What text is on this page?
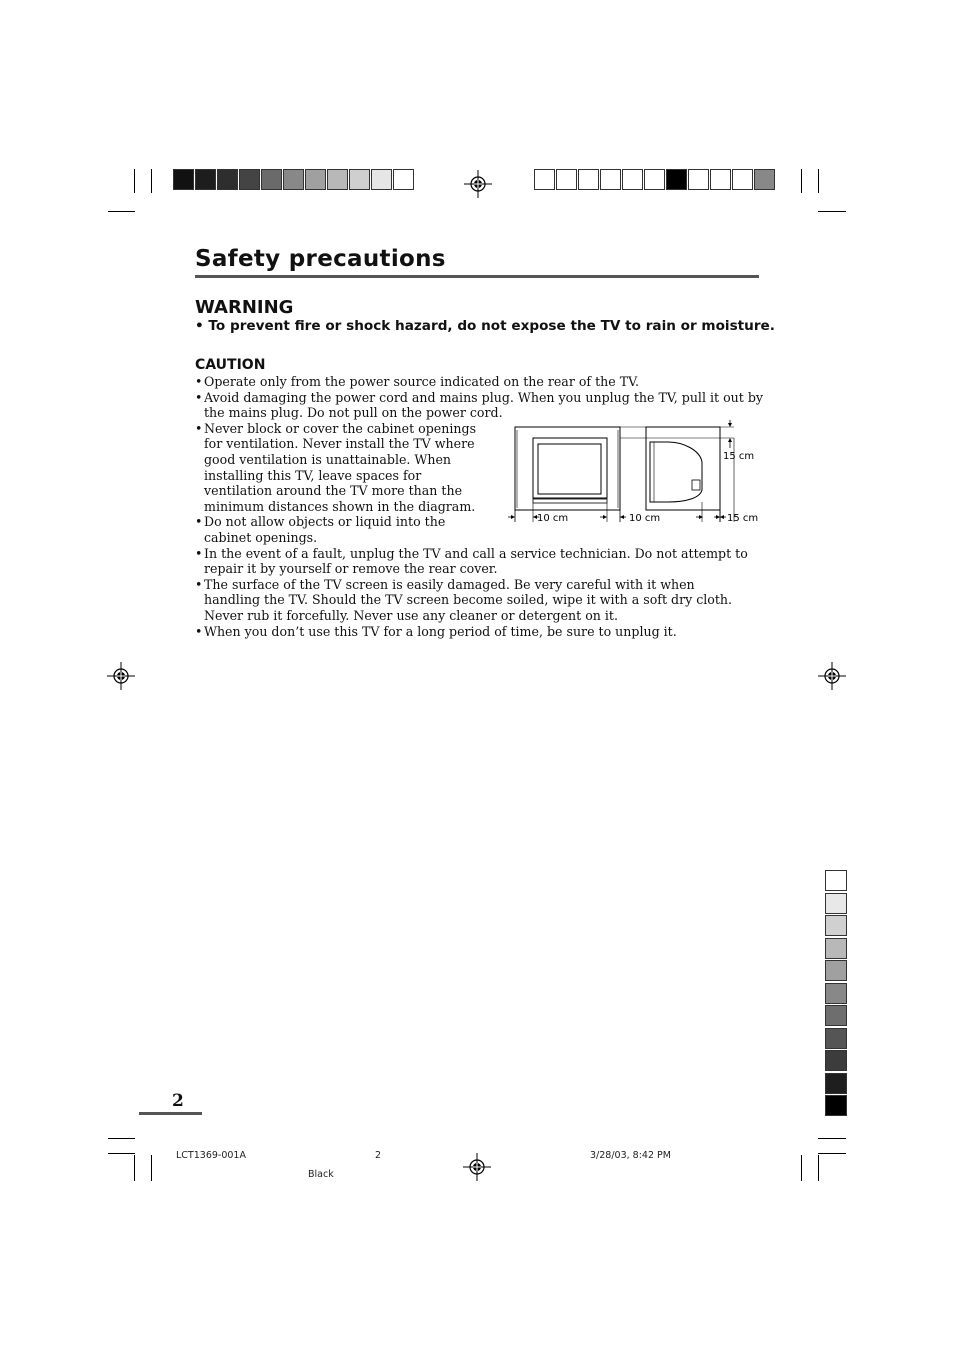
Safety precautions
WARNING
• To prevent fire or shock hazard, do not expose the TV to rain or moisture.
CAUTION
• Operate only from the power source indicated on the rear of the TV.
• Avoid damaging the power cord and mains plug. When you unplug the TV, pull it out by the mains plug. Do not pull on the power cord.
• Never block or cover the cabinet openings for ventilation. Never install the TV where good ventilation is unattainable. When installing this TV, leave spaces for ventilation around the TV more than the minimum distances shown in the diagram.
• Do not allow objects or liquid into the cabinet openings.
• In the event of a fault, unplug the TV and call a service technician. Do not attempt to repair it by yourself or remove the rear cover.
• The surface of the TV screen is easily damaged. Be very careful with it when handling the TV. Should the TV screen become soiled, wipe it with a soft dry cloth. Never rub it forcefully. Never use any cleaner or detergent on it.
• When you don’t use this TV for a long period of time, be sure to unplug it.
10 cm	10 cm	15 cm
15 cm
2
LCT1369-001A	2	3/28/03, 8:42 PM
Black
